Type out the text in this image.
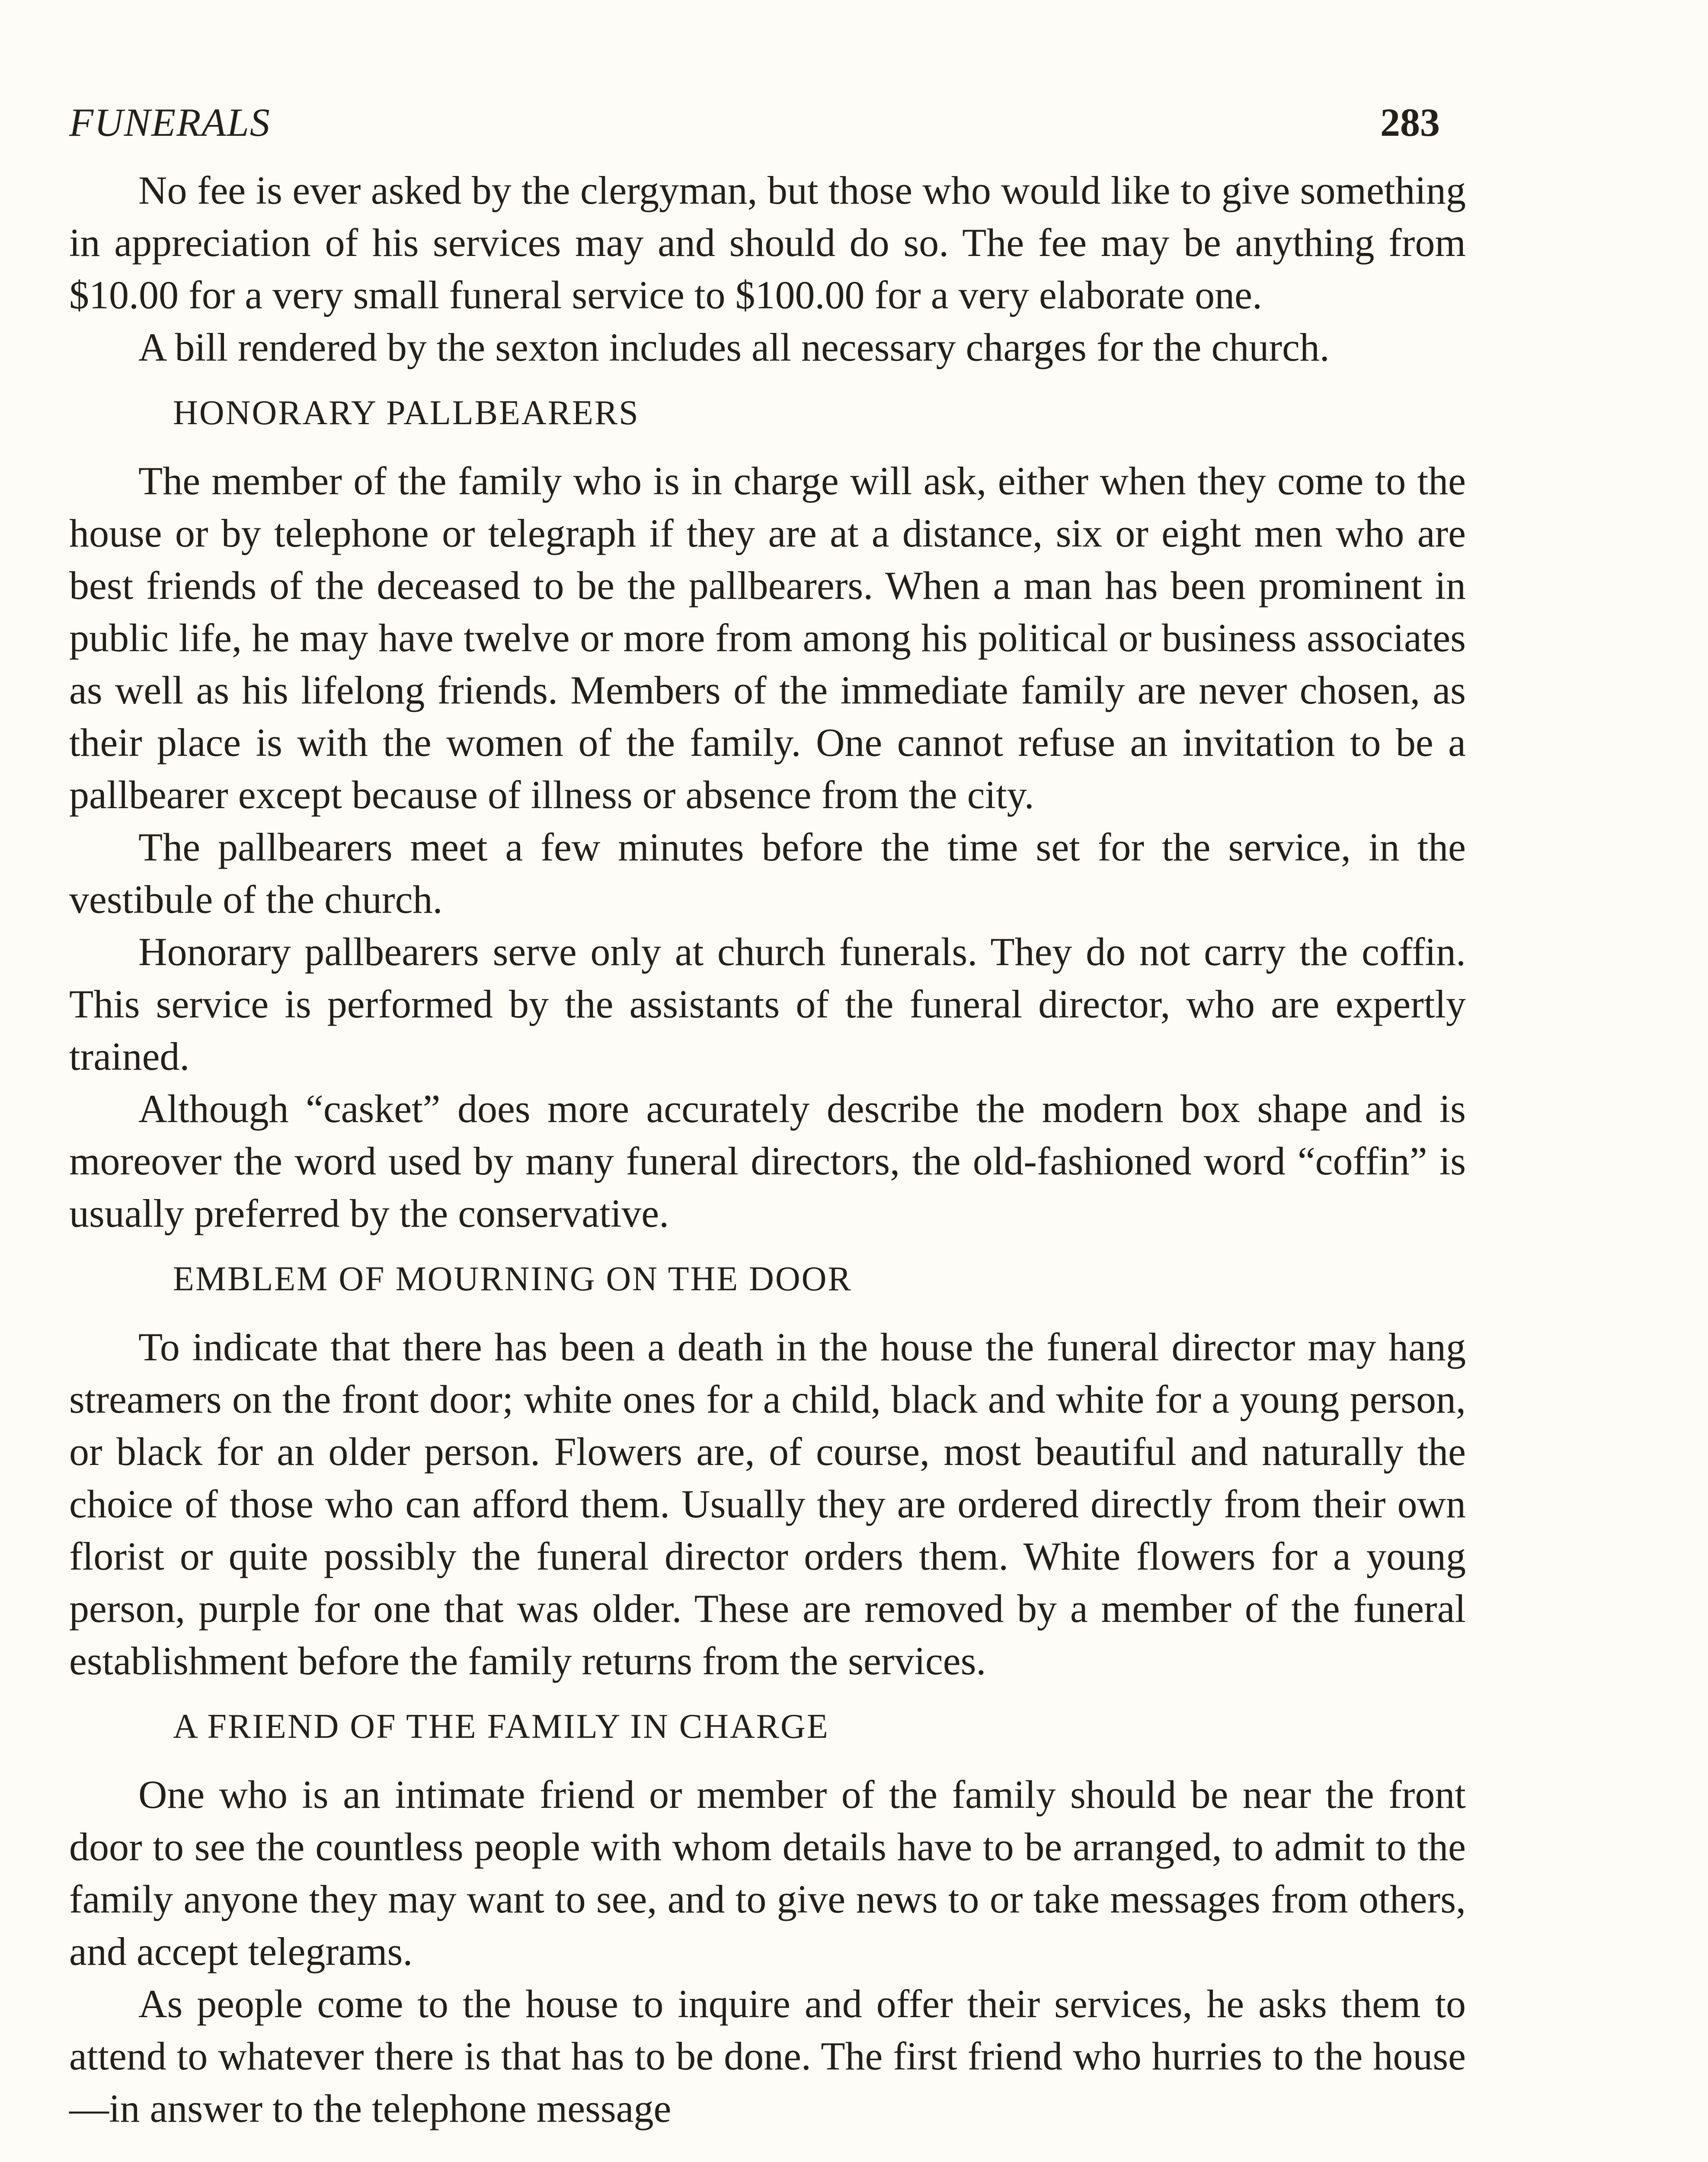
FUNERALS	283

No fee is ever asked by the clergyman, but those who would like to give something in appreciation of his services may and should do so. The fee may be anything from $10.00 for a very small funeral service to $100.00 for a very elaborate one.

A bill rendered by the sexton includes all necessary charges for the church.

HONORARY PALLBEARERS

The member of the family who is in charge will ask, either when they come to the house or by telephone or telegraph if they are at a distance, six or eight men who are best friends of the deceased to be the pallbearers. When a man has been prominent in public life, he may have twelve or more from among his political or business associates as well as his lifelong friends. Members of the immediate family are never chosen, as their place is with the women of the family. One cannot refuse an invitation to be a pallbearer except because of illness or absence from the city.

The pallbearers meet a few minutes before the time set for the service, in the vestibule of the church.

Honorary pallbearers serve only at church funerals. They do not carry the coffin. This service is performed by the assistants of the funeral director, who are expertly trained.

Although “casket” does more accurately describe the modern box shape and is moreover the word used by many funeral directors, the old-fashioned word “coffin” is usually preferred by the conservative.

EMBLEM OF MOURNING ON THE DOOR

To indicate that there has been a death in the house the funeral director may hang streamers on the front door; white ones for a child, black and white for a young person, or black for an older person. Flowers are, of course, most beautiful and naturally the choice of those who can afford them. Usually they are ordered directly from their own florist or quite possibly the funeral director orders them. White flowers for a young person, purple for one that was older. These are removed by a member of the funeral establishment before the family returns from the services.

A FRIEND OF THE FAMILY IN CHARGE

One who is an intimate friend or member of the family should be near the front door to see the countless people with whom details have to be arranged, to admit to the family anyone they may want to see, and to give news to or take messages from others, and accept telegrams.

As people come to the house to inquire and offer their services, he asks them to attend to whatever there is that has to be done. The first friend who hurries to the house—in answer to the telephone message
